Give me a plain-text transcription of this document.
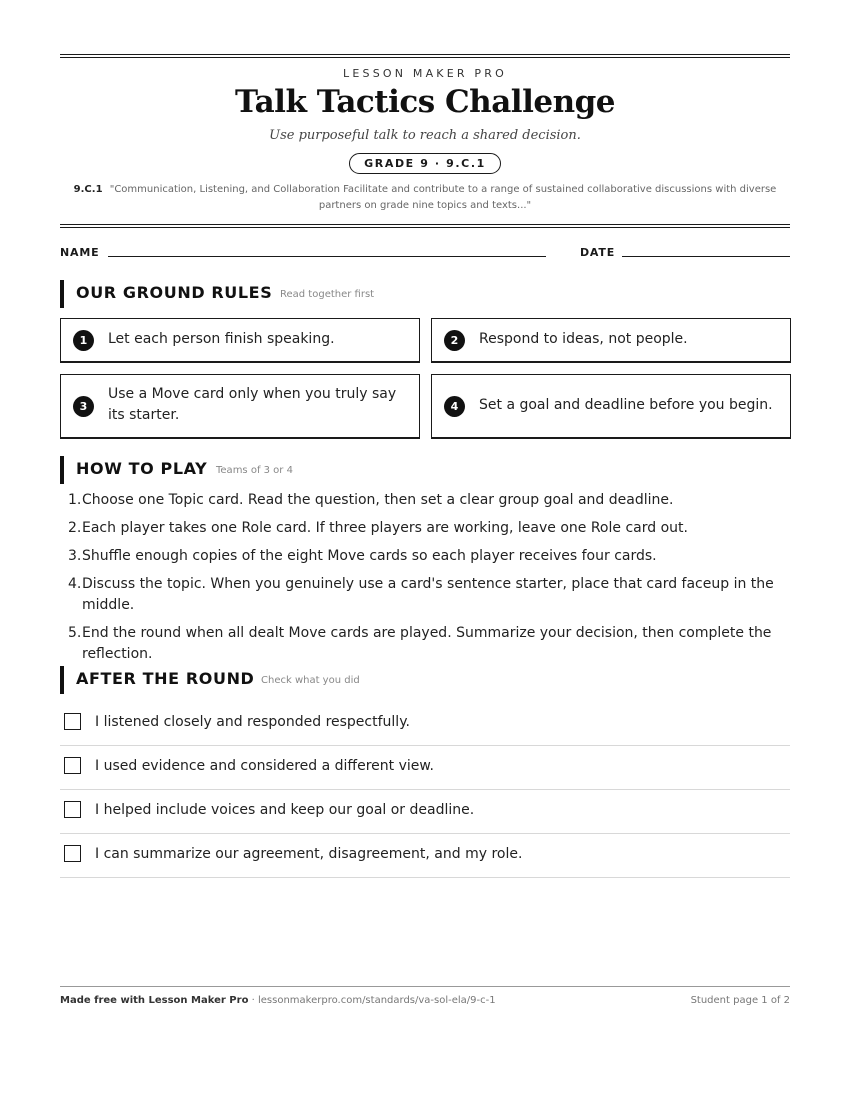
LESSON MAKER PRO
Talk Tactics Challenge
Use purposeful talk to reach a shared decision.
GRADE 9 · 9.C.1
9.C.1 "Communication, Listening, and Collaboration Facilitate and contribute to a range of sustained collaborative discussions with diverse partners on grade nine topics and texts..."
NAME	DATE
OUR GROUND RULES Read together first
1	Let each person finish speaking.	2	Respond to ideas, not people.
3
Use a Move card only when you truly say its starter.
4	Set a goal and deadline before you begin.
HOW TO PLAY Teams of 3 or 4
1. Choose one Topic card. Read the question, then set a clear group goal and deadline.
2. Each player takes one Role card. If three players are working, leave one Role card out.
3. Shuffle enough copies of the eight Move cards so each player receives four cards.
4. Discuss the topic. When you genuinely use a card's sentence starter, place that card faceup in the middle.
5. End the round when all dealt Move cards are played. Summarize your decision, then complete the reflection.
AFTER THE ROUND Check what you did
I listened closely and responded respectfully.
I used evidence and considered a different view.
I helped include voices and keep our goal or deadline.
I can summarize our agreement, disagreement, and my role.
Made free with Lesson Maker Pro · lessonmakerpro.com/standards/va-sol-ela/9-c-1	Student page 1 of 2
